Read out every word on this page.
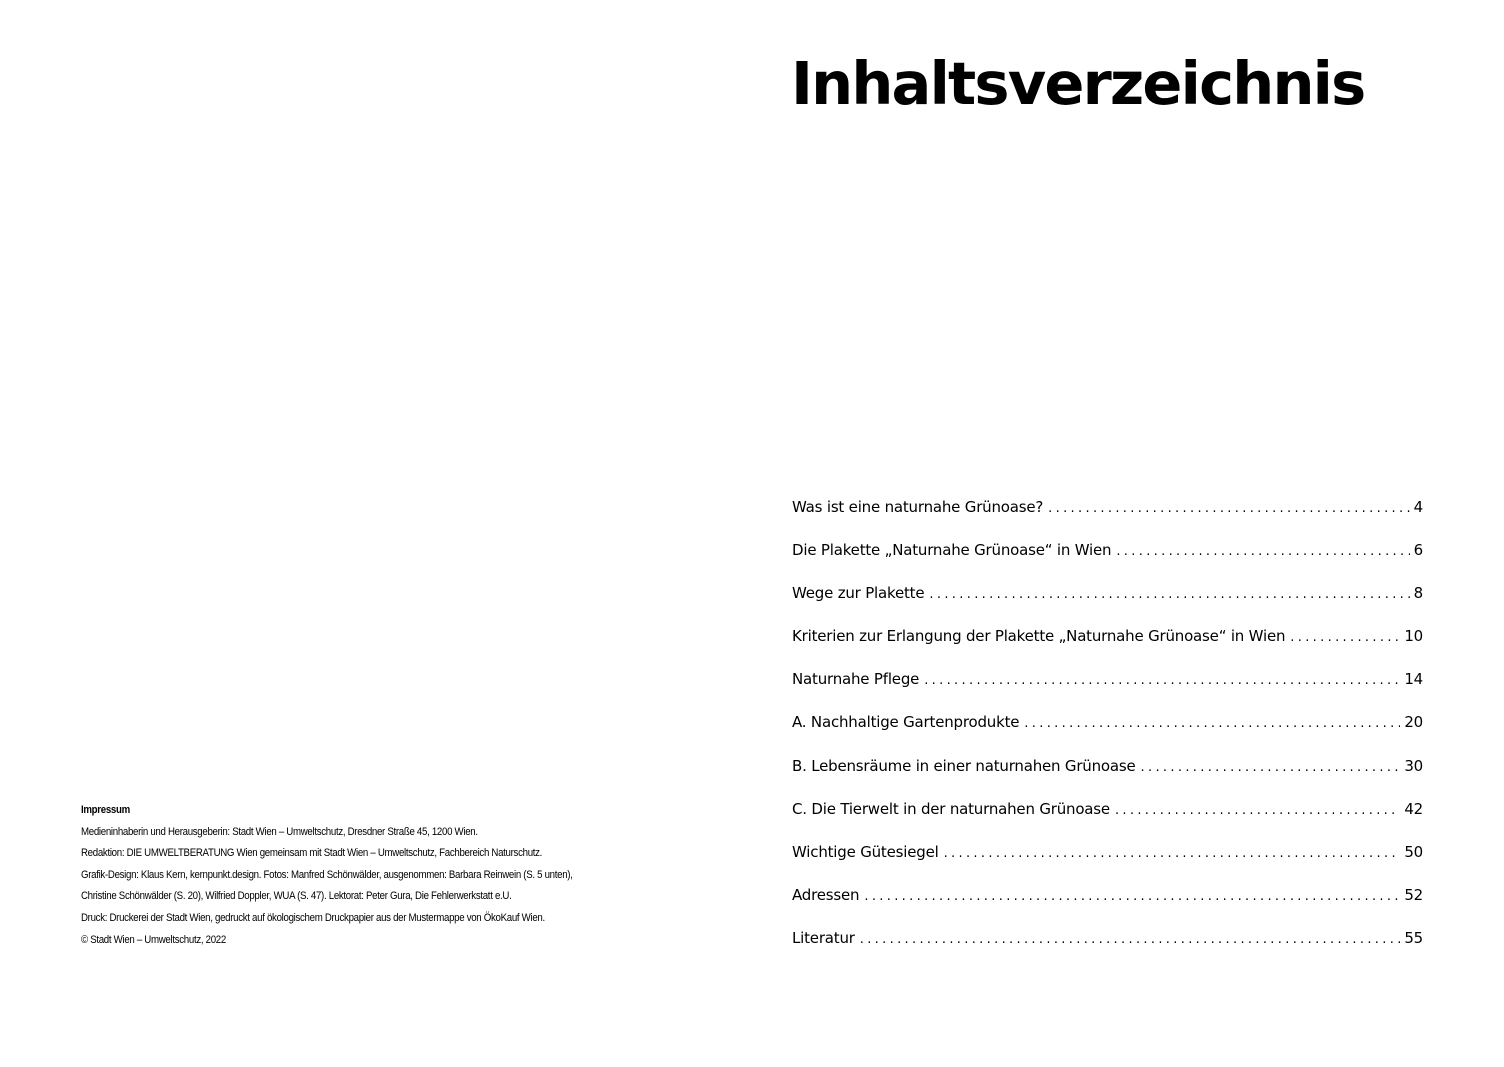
Impressum
Medieninhaberin und Herausgeberin: Stadt Wien – Umweltschutz, Dresdner Straße 45, 1200 Wien.
Redaktion: DIE UMWELTBERATUNG Wien gemeinsam mit Stadt Wien – Umweltschutz, Fachbereich Naturschutz.
Grafik-Design: Klaus Kern, kernpunkt.design. Fotos: Manfred Schönwälder, ausgenommen: Barbara Reinwein (S. 5 unten),
Christine Schönwälder (S. 20), Wilfried Doppler, WUA (S. 47). Lektorat: Peter Gura, Die Fehlerwerkstatt e.U.
Druck: Druckerei der Stadt Wien, gedruckt auf ökologischem Druckpapier aus der Mustermappe von ÖkoKauf Wien.
© Stadt Wien – Umweltschutz, 2022
Inhaltsverzeichnis
Was ist eine naturnahe Grünoase? . . .	4
Die Plakette „Naturnahe Grünoase“ in Wien . . .	6
Wege zur Plakette . . .	8
Kriterien zur Erlangung der Plakette „Naturnahe Grünoase“ in Wien . . .	10
Naturnahe Pflege . . .	14
A. Nachhaltige Gartenprodukte . . .	20
B. Lebensräume in einer naturnahen Grünoase . . .	30
C. Die Tierwelt in der naturnahen Grünoase . . .	42
Wichtige Gütesiegel . . .	50
Adressen . . .	52
Literatur . . .	55
